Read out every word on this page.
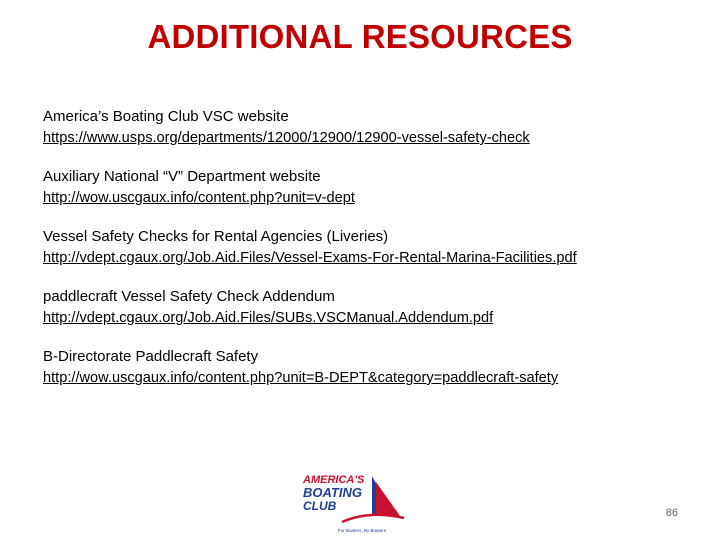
ADDITIONAL RESOURCES
America’s Boating Club VSC website
https://www.usps.org/departments/12000/12900/12900-vessel-safety-check
Auxiliary National “V” Department website
http://wow.uscgaux.info/content.php?unit=v-dept
Vessel Safety Checks for Rental Agencies (Liveries)
http://vdept.cgaux.org/Job.Aid.Files/Vessel-Exams-For-Rental-Marina-Facilities.pdf
paddlecraft Vessel Safety Check Addendum
http://vdept.cgaux.org/Job.Aid.Files/SUBs.VSCManual.Addendum.pdf
B-Directorate Paddlecraft Safety
http://wow.uscgaux.info/content.php?unit=B-DEPT&category=paddlecraft-safety
AMERICA'S
BOATING
CLUB
For Boaters, By Boaters
86
